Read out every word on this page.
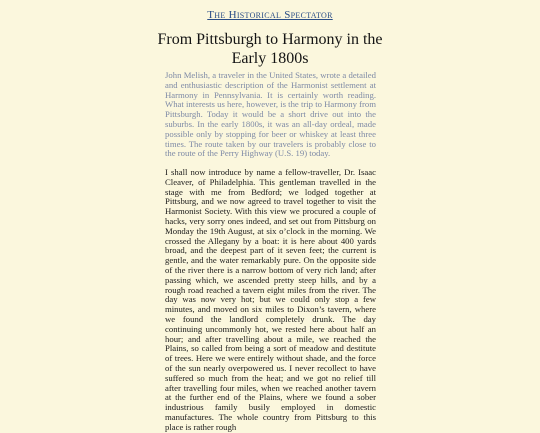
The Historical Spectator
From Pittsburgh to Harmony in the Early 1800s

John Melish, a traveler in the United States, wrote a detailed and enthusiastic description of the Harmonist settlement at Harmony in Pennsylvania. It is certainly worth reading. What interests us here, however, is the trip to Harmony from Pittsburgh. Today it would be a short drive out into the suburbs. In the early 1800s, it was an all-day ordeal, made possible only by stopping for beer or whiskey at least three times. The route taken by our travelers is probably close to the route of the Perry Highway (U.S. 19) today.

I shall now introduce by name a fellow-traveller, Dr. Isaac Cleaver, of Philadelphia. This gentleman travelled in the stage with me from Bedford; we lodged together at Pittsburg, and we now agreed to travel together to visit the Harmonist Society. With this view we procured a couple of hacks, very sorry ones indeed, and set out from Pittsburg on Monday the 19th August, at six o’clock in the morning. We crossed the Allegany by a boat: it is here about 400 yards broad, and the deepest part of it seven feet; the current is gentle, and the water remarkably pure. On the opposite side of the river there is a narrow bottom of very rich land; after passing which, we ascended pretty steep hills, and by a rough road reached a tavern eight miles from the river. The day was now very hot; but we could only stop a few minutes, and moved on six miles to Dixon’s tavern, where we found the landlord completely drunk. The day continuing uncommonly hot, we rested here about half an hour; and after travelling about a mile, we reached the Plains, so called from being a sort of meadow and destitute of trees. Here we were entirely without shade, and the force of the sun nearly overpowered us. I never recollect to have suffered so much from the heat; and we got no relief till after travelling four miles, when we reached another tavern at the further end of the Plains, where we found a sober industrious family busily employed in domestic manufactures. The whole country from Pittsburg to this place is rather rough
